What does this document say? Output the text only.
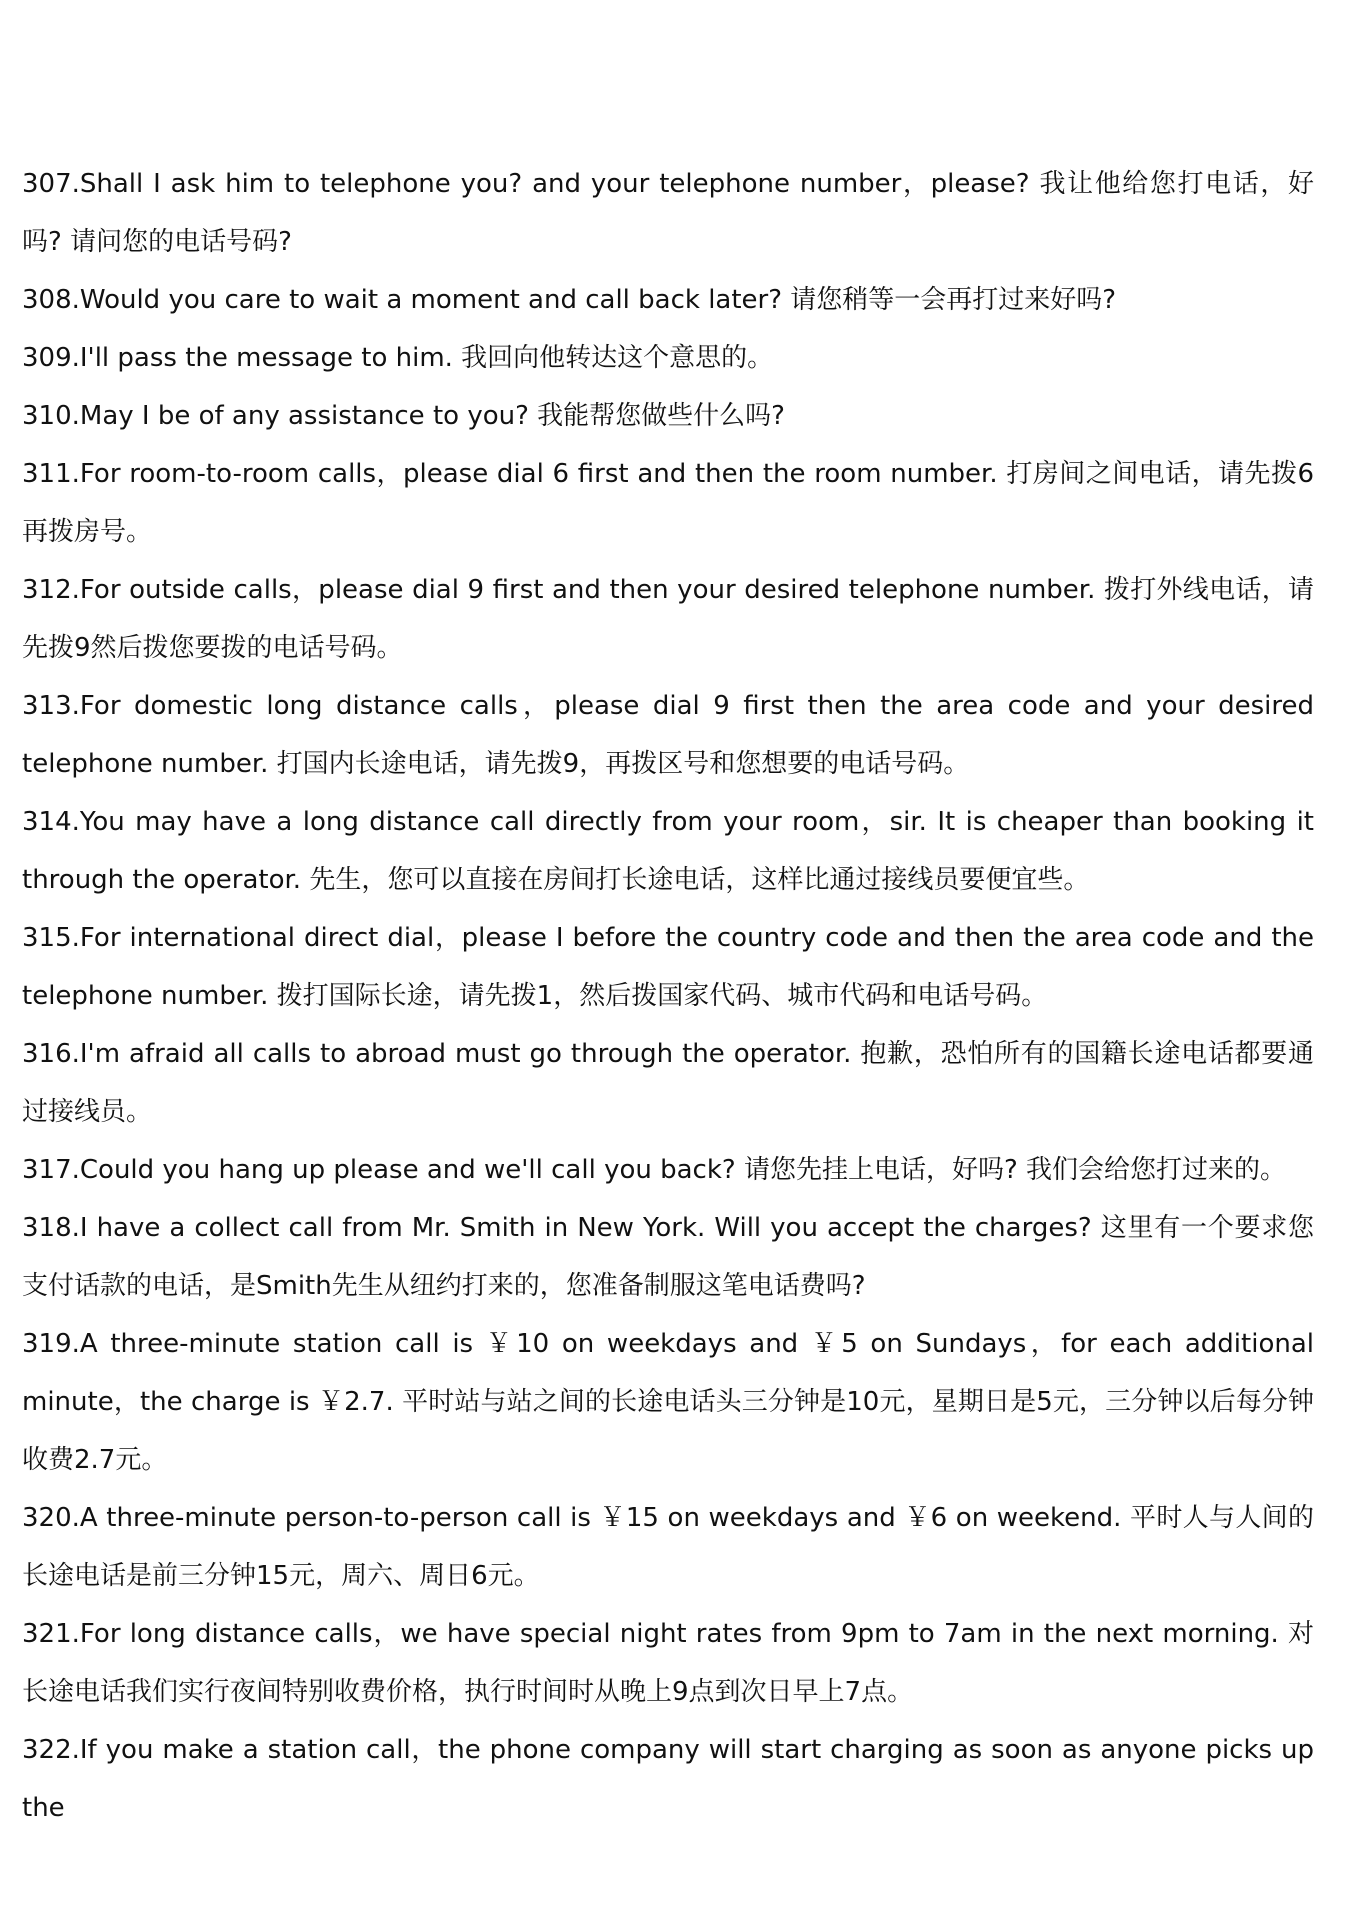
307.Shall I ask him to telephone you? and your telephone number，please? 我让他给您打电话，好吗? 请问您的电话号码?

308.Would you care to wait a moment and call back later? 请您稍等一会再打过来好吗?

309.I'll pass the message to him. 我回向他转达这个意思的。

310.May I be of any assistance to you? 我能帮您做些什么吗?

311.For room-to-room calls，please dial 6 first and then the room number. 打房间之间电话，请先拨6再拨房号。

312.For outside calls，please dial 9 first and then your desired telephone number. 拨打外线电话，请先拨9然后拨您要拨的电话号码。

313.For domestic long distance calls，please dial 9 first then the area code and your desired telephone number. 打国内长途电话，请先拨9，再拨区号和您想要的电话号码。

314.You may have a long distance call directly from your room，sir. It is cheaper than booking it through the operator. 先生，您可以直接在房间打长途电话，这样比通过接线员要便宜些。

315.For international direct dial，please I before the country code and then the area code and the telephone number. 拨打国际长途，请先拨1，然后拨国家代码、城市代码和电话号码。

316.I'm afraid all calls to abroad must go through the operator. 抱歉，恐怕所有的国籍长途电话都要通过接线员。

317.Could you hang up please and we'll call you back? 请您先挂上电话，好吗? 我们会给您打过来的。

318.I have a collect call from Mr. Smith in New York. Will you accept the charges? 这里有一个要求您支付话款的电话，是Smith先生从纽约打来的，您准备制服这笔电话费吗?

319.A three-minute station call is ￥10 on weekdays and ￥5 on Sundays，for each additional minute，the charge is ￥2.7. 平时站与站之间的长途电话头三分钟是10元，星期日是5元，三分钟以后每分钟收费2.7元。

320.A three-minute person-to-person call is ￥15 on weekdays and ￥6 on weekend. 平时人与人间的长途电话是前三分钟15元，周六、周日6元。

321.For long distance calls，we have special night rates from 9pm to 7am in the next morning. 对长途电话我们实行夜间特别收费价格，执行时间时从晚上9点到次日早上7点。

322.If you make a station call，the phone company will start charging as soon as anyone picks up the
